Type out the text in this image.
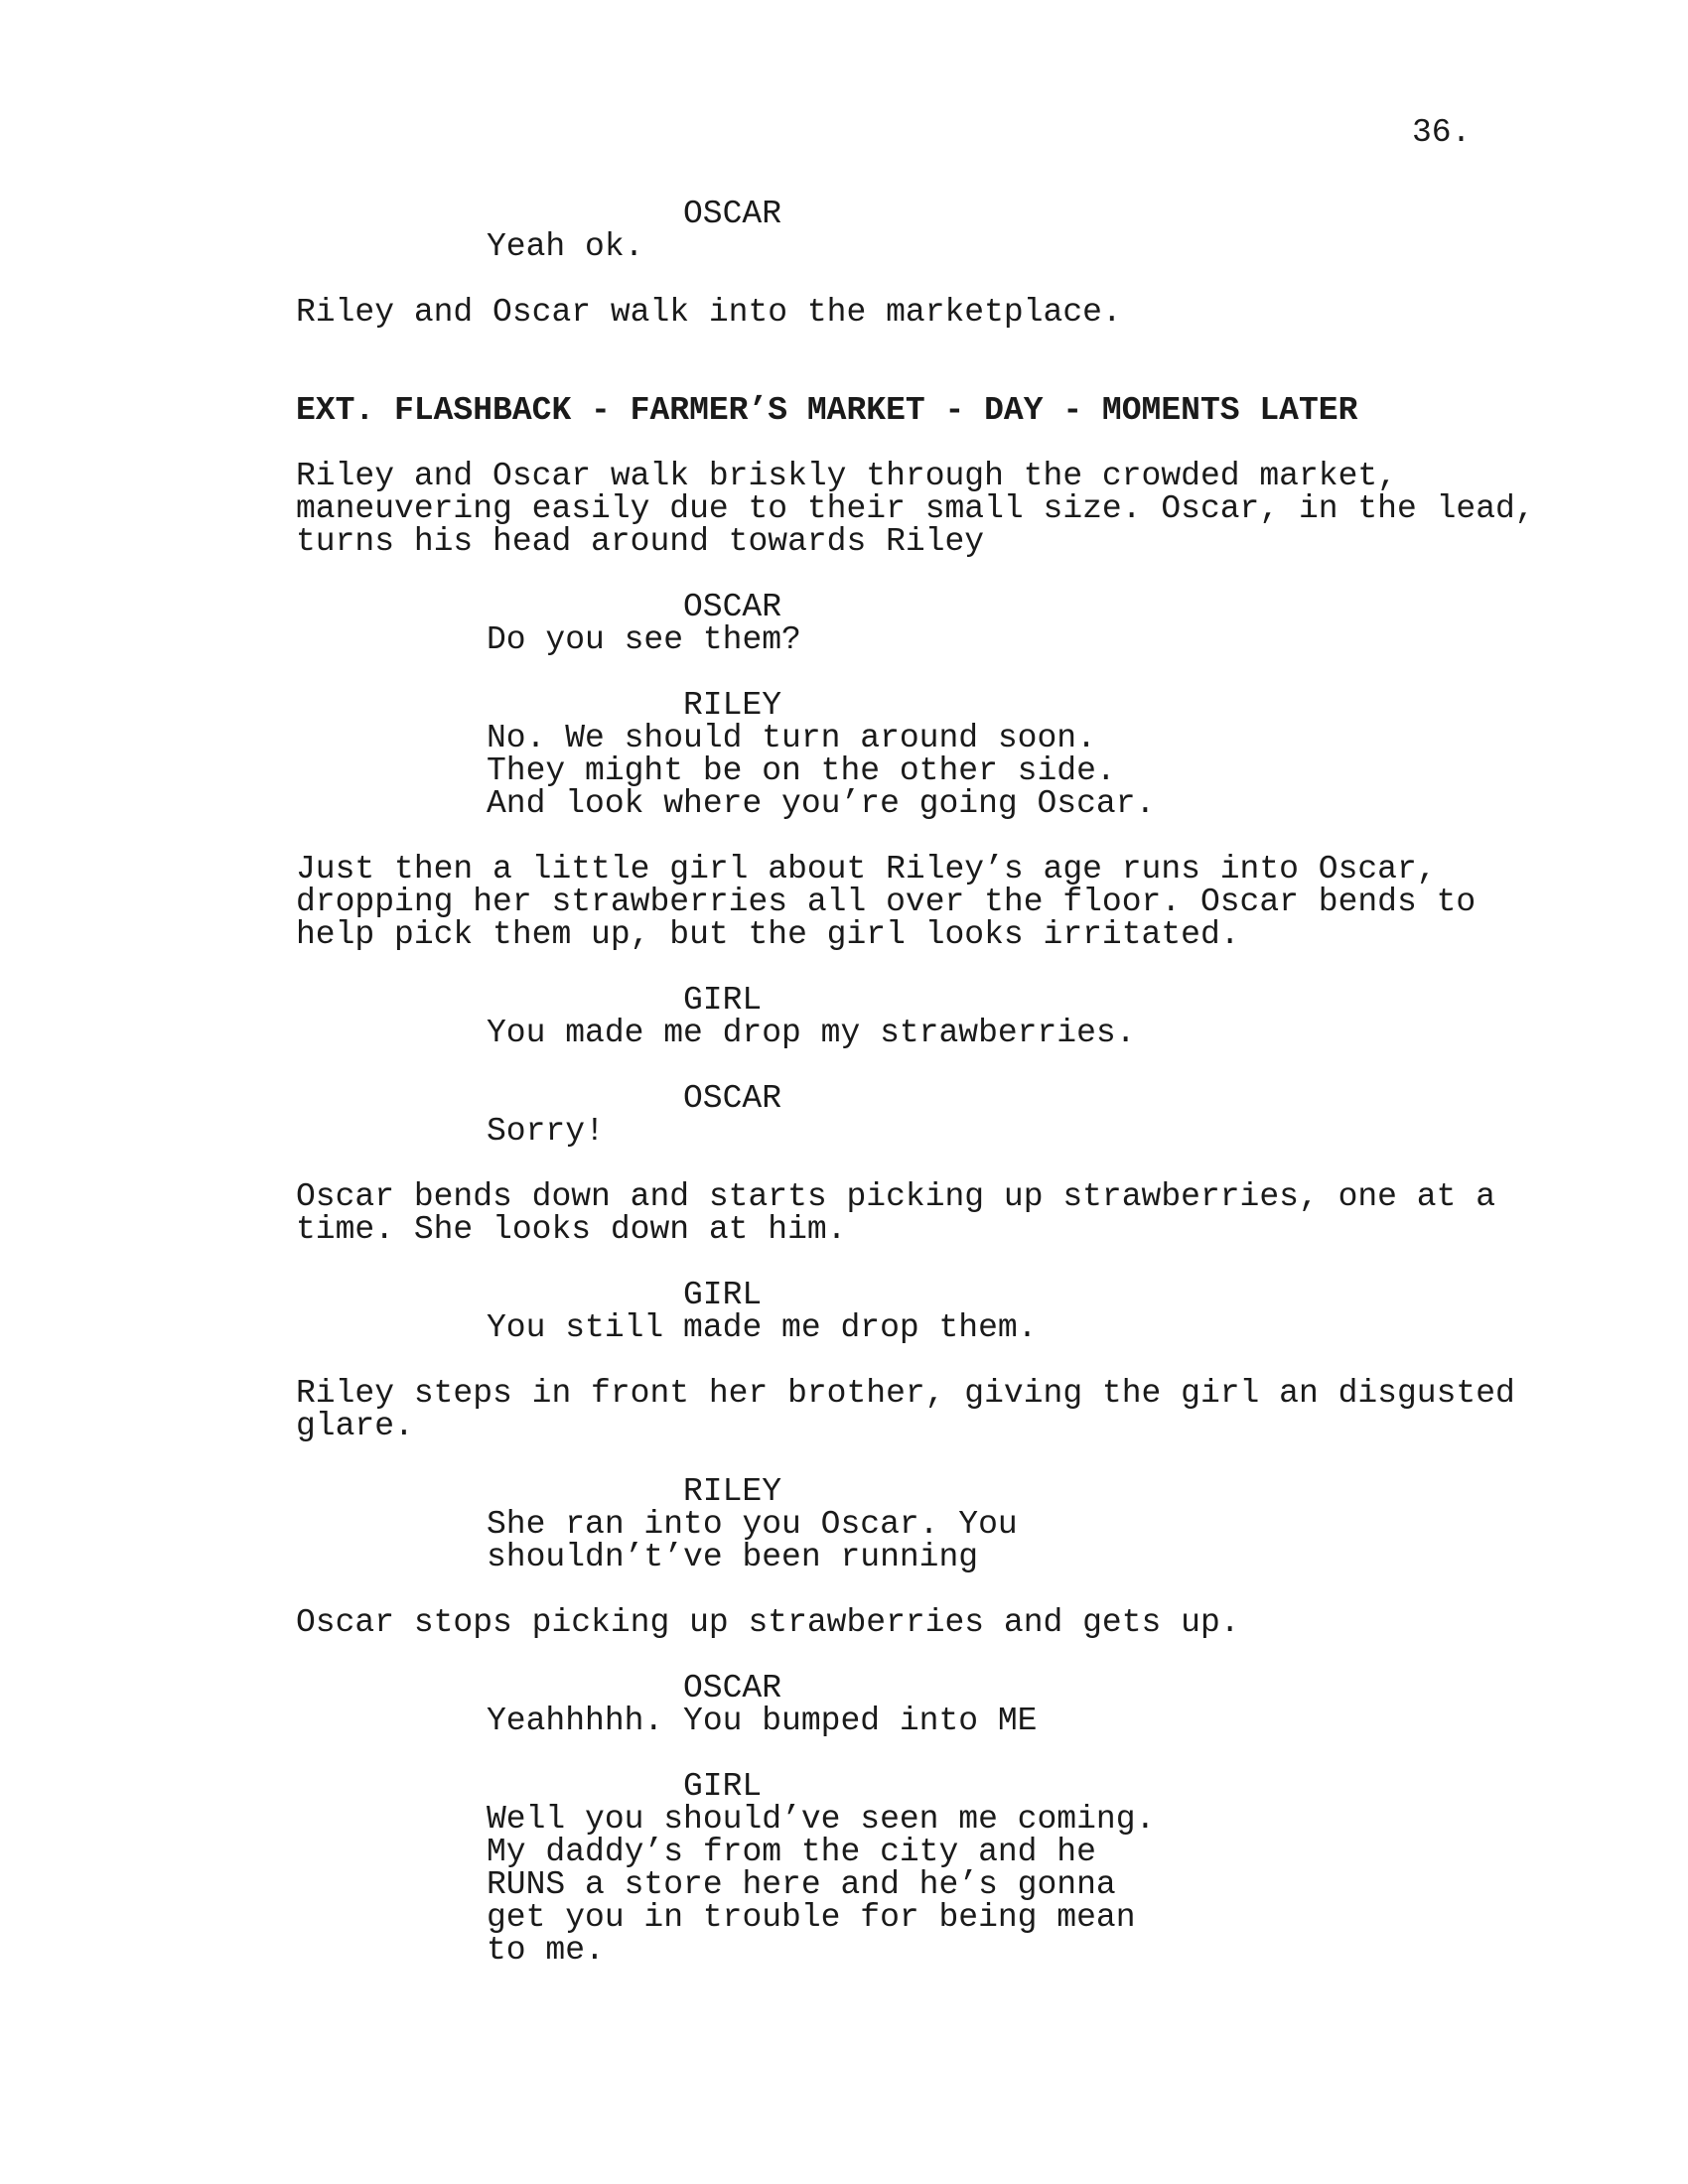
36.
OSCAR
Yeah ok.
Riley and Oscar walk into the marketplace.
EXT. FLASHBACK - FARMER’S MARKET - DAY - MOMENTS LATER
Riley and Oscar walk briskly through the crowded market,
maneuvering easily due to their small size. Oscar, in the lead,
turns his head around towards Riley
OSCAR
Do you see them?
RILEY
No. We should turn around soon.
They might be on the other side.
And look where you’re going Oscar.
Just then a little girl about Riley’s age runs into Oscar,
dropping her strawberries all over the floor. Oscar bends to
help pick them up, but the girl looks irritated.
GIRL
You made me drop my strawberries.
OSCAR
Sorry!
Oscar bends down and starts picking up strawberries, one at a
time. She looks down at him.
GIRL
You still made me drop them.
Riley steps in front her brother, giving the girl an disgusted
glare.
RILEY
She ran into you Oscar. You
shouldn’t’ve been running
Oscar stops picking up strawberries and gets up.
OSCAR
Yeahhhhh. You bumped into ME
GIRL
Well you should’ve seen me coming.
My daddy’s from the city and he
RUNS a store here and he’s gonna
get you in trouble for being mean
to me.
